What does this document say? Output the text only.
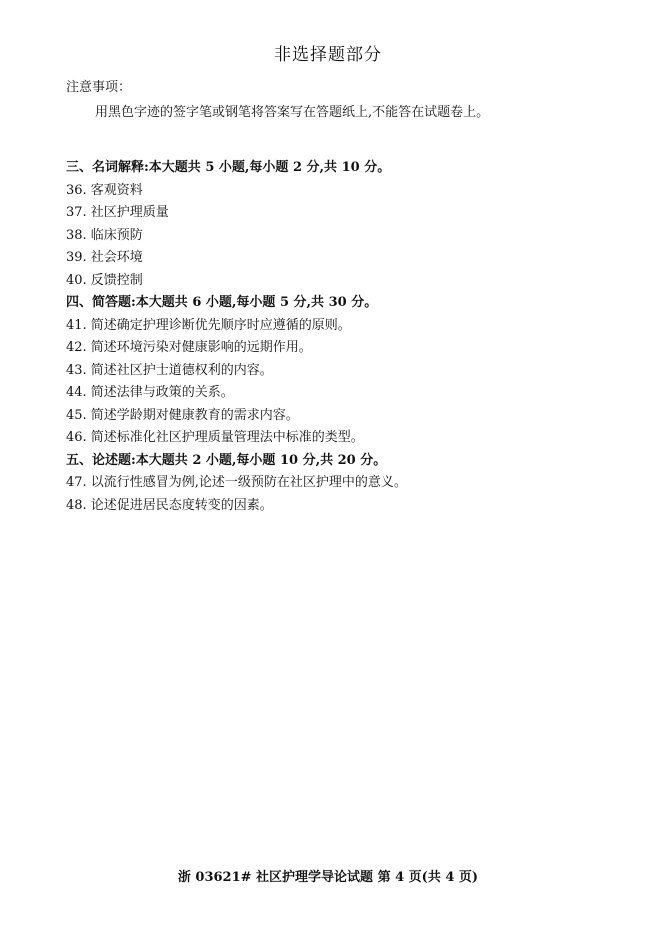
非选择题部分
注意事项：
用黑色字迹的签字笔或钢笔将答案写在答题纸上,不能答在试题卷上。
三、名词解释:本大题共 5 小题,每小题 2 分,共 10 分。
36. 客观资料
37. 社区护理质量
38. 临床预防
39. 社会环境
40. 反馈控制
四、简答题:本大题共 6 小题,每小题 5 分,共 30 分。
41. 简述确定护理诊断优先顺序时应遵循的原则。
42. 简述环境污染对健康影响的远期作用。
43. 简述社区护士道德权利的内容。
44. 简述法律与政策的关系。
45. 简述学龄期对健康教育的需求内容。
46. 简述标准化社区护理质量管理法中标准的类型。
五、论述题:本大题共 2 小题,每小题 10 分,共 20 分。
47. 以流行性感冒为例,论述一级预防在社区护理中的意义。
48. 论述促进居民态度转变的因素。
浙 03621# 社区护理学导论试题 第 4 页(共 4 页)
